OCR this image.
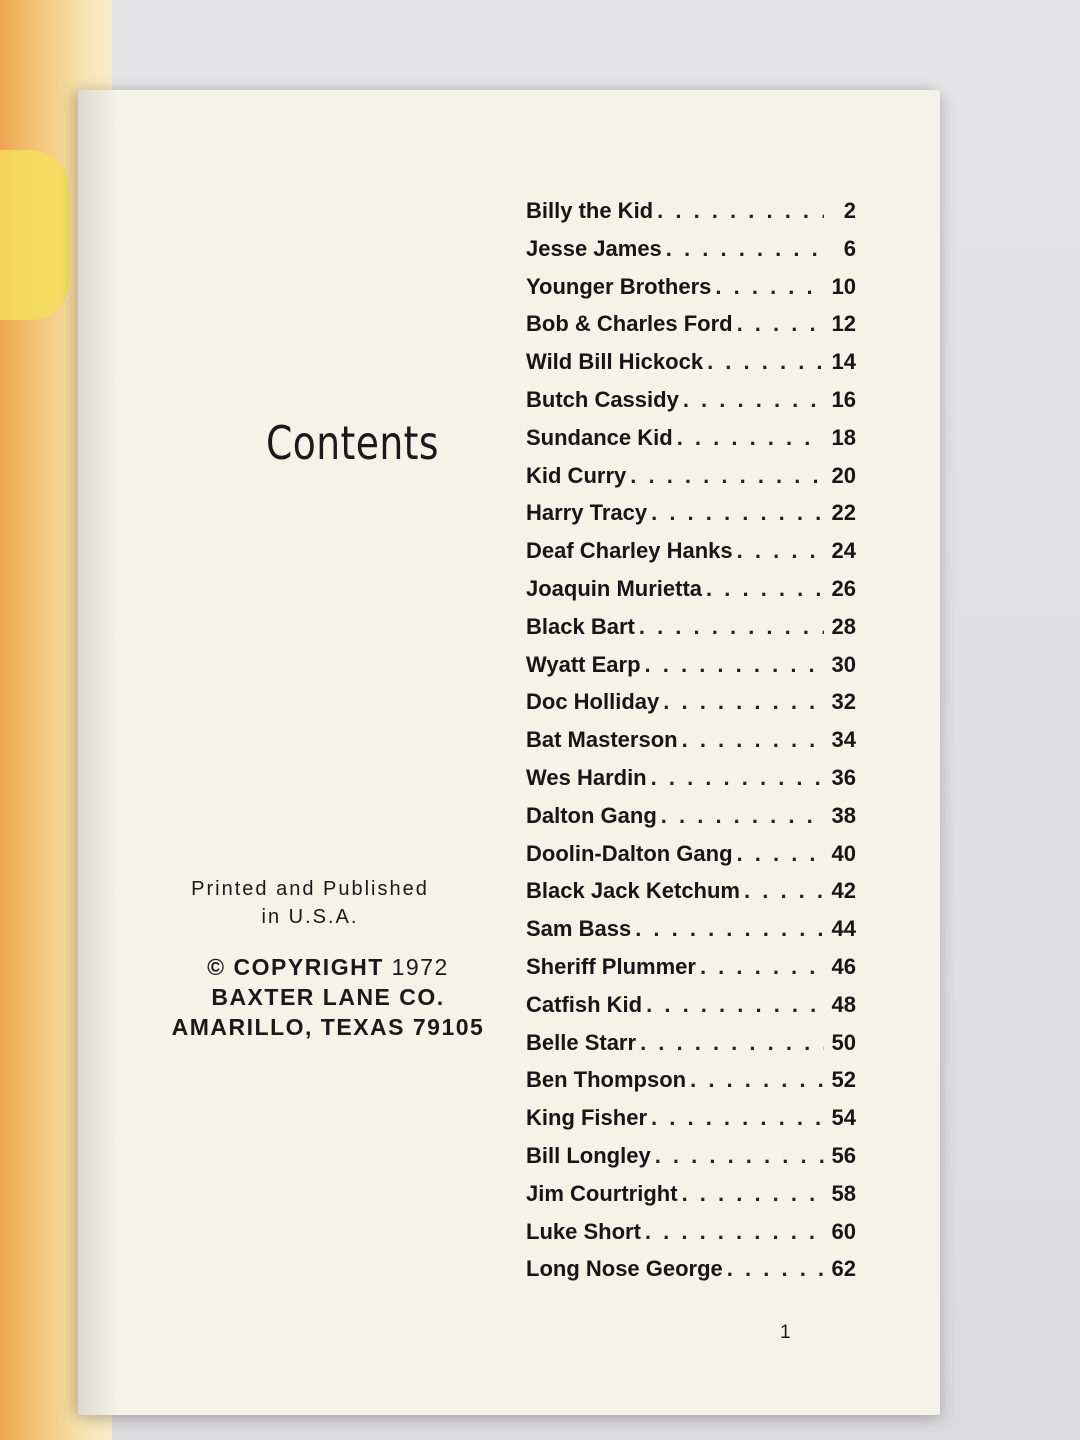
Contents
Billy the Kid . . .	2
Jesse James . . .	6
Younger Brothers . . .	10
Bob & Charles Ford . . .	12
Wild Bill Hickock . . .	14
Butch Cassidy . . .	16
Sundance Kid . . .	18
Kid Curry . . .	20
Harry Tracy . . .	22
Deaf Charley Hanks . . .	24
Joaquin Murietta . . .	26
Black Bart . . .	28
Wyatt Earp . . .	30
Doc Holliday . . .	32
Bat Masterson . . .	34
Wes Hardin . . .	36
Dalton Gang . . .	38
Doolin-Dalton Gang . . .	40
Black Jack Ketchum . . .	42
Sam Bass . . .	44
Sheriff Plummer . . .	46
Catfish Kid . . .	48
Belle Starr . . .	50
Ben Thompson . . .	52
King Fisher . . .	54
Bill Longley . . .	56
Jim Courtright . . .	58
Luke Short . . .	60
Long Nose George . . .	62
Printed and Published
in U.S.A.
© COPYRIGHT 1972
BAXTER LANE CO.
AMARILLO, TEXAS 79105
1
